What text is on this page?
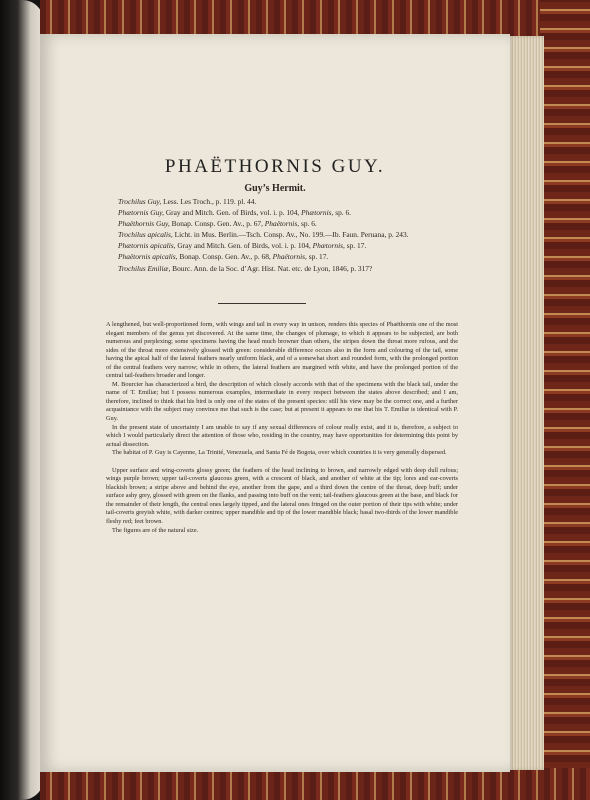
PHAËTHORNIS GUY.
Guy’s Hermit.

Trochilus Guy, Less. Les Troch., p. 119. pl. 44.

Phætornis Guy, Gray and Mitch. Gen. of Birds, vol. i. p. 104, Phætornis, sp. 6.

Phaëthornis Guy, Bonap. Consp. Gen. Av., p. 67, Phaëtornis, sp. 6.

Trochilus apicalis, Licht. in Mus. Berlin.—Tsch. Consp. Av., No. 199.—Ib. Faun. Peruana, p. 243.

Phætornis apicalis, Gray and Mitch. Gen. of Birds, vol. i. p. 104, Phætornis, sp. 17.

Phaëtornis apicalis, Bonap. Consp. Gen. Av., p. 68, Phaëtornis, sp. 17.

Trochilus Emiliæ, Bourc. Ann. de la Soc. d’Agr. Hist. Nat. etc. de Lyon, 1846, p. 317?

A lengthened, but well-proportioned form, with wings and tail in every way in unison, renders this species of Phaëthornis one of the most elegant members of the genus yet discovered. At the same time, the changes of plumage, to which it appears to be subjected, are both numerous and perplexing; some specimens having the head much browner than others, the stripes down the throat more rufous, and the sides of the throat more extensively glossed with green: considerable difference occurs also in the form and colouring of the tail, some having the apical half of the lateral feathers nearly uniform black, and of a somewhat short and rounded form, with the prolonged portion of the central feathers very narrow; while in others, the lateral feathers are margined with white, and have the prolonged portion of the central tail-feathers broader and longer.

M. Bourcier has characterized a bird, the description of which closely accords with that of the specimens with the black tail, under the name of T. Emiliæ; but I possess numerous examples, intermediate in every respect between the states above described; and I am, therefore, inclined to think that his bird is only one of the states of the present species: still his view may be the correct one, and a further acquaintance with the subject may convince me that such is the case; but at present it appears to me that his T. Emiliæ is identical with P. Guy.

In the present state of uncertainty I am unable to say if any sexual differences of colour really exist, and it is, therefore, a subject to which I would particularly direct the attention of those who, residing in the country, may have opportunities for determining this point by actual dissection.

The habitat of P. Guy is Cayenne, La Trinité, Venezuela, and Santa Fé de Bogota, over which countries it is very generally dispersed.

Upper surface and wing-coverts glossy green; the feathers of the head inclining to brown, and narrowly edged with deep dull rufous; wings purple brown; upper tail-coverts glaucous green, with a crescent of black, and another of white at the tip; lores and ear-coverts blackish brown; a stripe above and behind the eye, another from the gape, and a third down the centre of the throat, deep buff; under surface ashy grey, glossed with green on the flanks, and passing into buff on the vent; tail-feathers glaucous green at the base, and black for the remainder of their length, the central ones largely tipped, and the lateral ones fringed on the outer portion of their tips with white; under tail-coverts greyish white, with darker centres; upper mandible and tip of the lower mandible black; basal two-thirds of the lower mandible fleshy red; feet brown.

The figures are of the natural size.
